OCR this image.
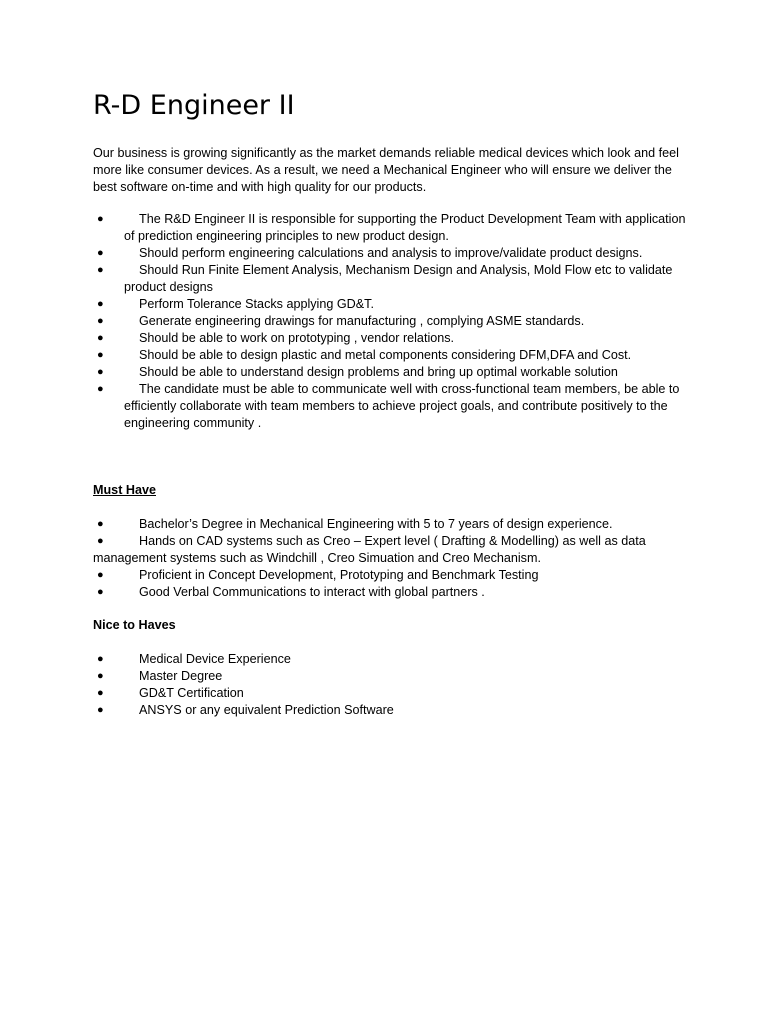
R-D Engineer II

Our business is growing significantly as the market demands reliable medical devices which look and feel more like consumer devices. As a result, we need a Mechanical Engineer who will ensure we deliver the best software on-time and with high quality for our products.

●	The R&D Engineer II is responsible for supporting the Product Development Team with application of prediction engineering principles to new product design.
●	Should perform engineering calculations and analysis to improve/validate product designs.
●	Should Run Finite Element Analysis, Mechanism Design and Analysis, Mold Flow etc to validate product designs
●	Perform Tolerance Stacks applying GD&T.
●	Generate engineering drawings for manufacturing , complying ASME standards.
●	Should be able to work on prototyping , vendor relations.
●	Should be able to design plastic and metal components considering DFM,DFA and Cost.
●	Should be able to understand design problems and bring up optimal workable solution
●	The candidate must be able to communicate well with cross-functional team members, be able to efficiently collaborate with team members to achieve project goals, and contribute positively to the engineering community .
Must Have
●	Bachelor’s Degree in Mechanical Engineering with 5 to 7 years of design experience.
●	Hands on CAD systems such as Creo – Expert level ( Drafting & Modelling) as well as data management systems such as Windchill , Creo Simuation and Creo Mechanism.
●	Proficient in Concept Development, Prototyping and Benchmark Testing
●	Good Verbal Communications to interact with global partners .
Nice to Haves
●	Medical Device Experience
●	Master Degree
●	GD&T Certification
●	ANSYS or any equivalent Prediction Software
